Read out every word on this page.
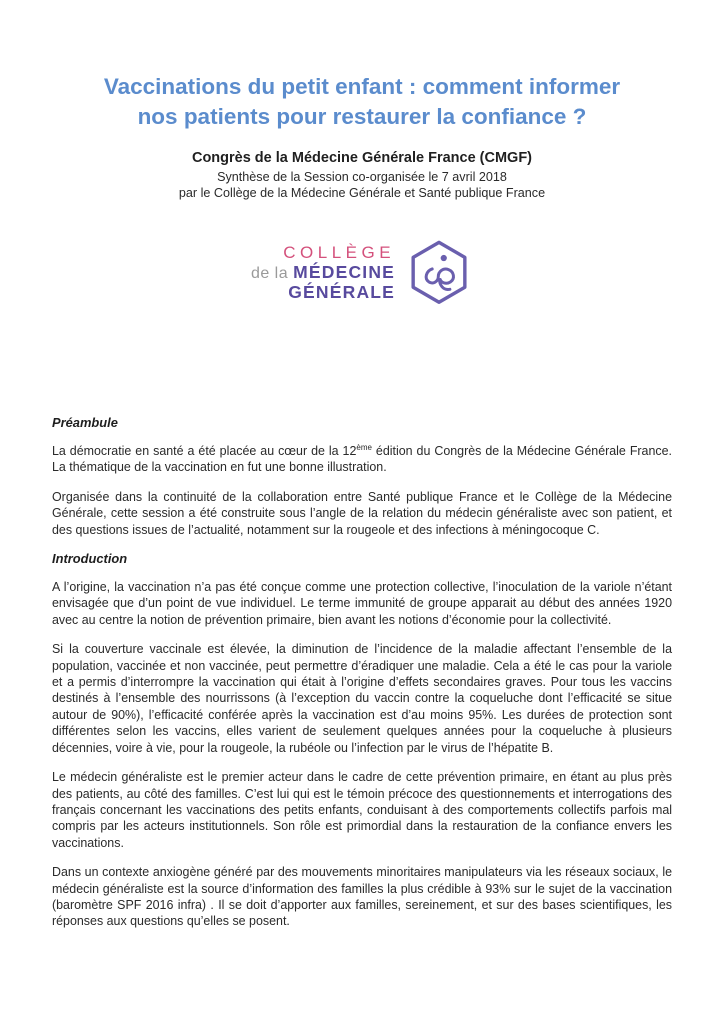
Vaccinations du petit enfant : comment informer
nos patients pour restaurer la confiance ?

Congrès de la Médecine Générale France (CMGF)

Synthèse de la Session co-organisée le 7 avril 2018

par le Collège de la Médecine Générale et Santé publique France

COLLÈGE
de la MÉDECINE
GÉNÉRALE
Préambule

La démocratie en santé a été placée au cœur de la 12ème édition du Congrès de la Médecine Générale France. La thématique de la vaccination en fut une bonne illustration.

Organisée dans la continuité de la collaboration entre Santé publique France et le Collège de la Médecine Générale, cette session a été construite sous l’angle de la relation du médecin généraliste avec son patient, et des questions issues de l’actualité, notamment sur la rougeole et des infections à méningocoque C.

Introduction

A l’origine, la vaccination n’a pas été conçue comme une protection collective, l’inoculation de la variole n’étant envisagée que d’un point de vue individuel. Le terme immunité de groupe apparait au début des années 1920 avec au centre la notion de prévention primaire, bien avant les notions d’économie pour la collectivité.

Si la couverture vaccinale est élevée, la diminution de l’incidence de la maladie affectant l’ensemble de la population, vaccinée et non vaccinée, peut permettre d’éradiquer une maladie. Cela a été le cas pour la variole et a permis d’interrompre la vaccination qui était à l’origine d’effets secondaires graves. Pour tous les vaccins destinés à l’ensemble des nourrissons (à l’exception du vaccin contre la coqueluche dont l’efficacité se situe autour de 90%), l’efficacité conférée après la vaccination est d’au moins 95%. Les durées de protection sont différentes selon les vaccins, elles varient de seulement quelques années pour la coqueluche à plusieurs décennies, voire à vie, pour la rougeole, la rubéole ou l’infection par le virus de l’hépatite B.

Le médecin généraliste est le premier acteur dans le cadre de cette prévention primaire, en étant au plus près des patients, au côté des familles. C’est lui qui est le témoin précoce des questionnements et interrogations des français concernant les vaccinations des petits enfants, conduisant à des comportements collectifs parfois mal compris par les acteurs institutionnels. Son rôle est primordial dans la restauration de la confiance envers les vaccinations.

Dans un contexte anxiogène généré par des mouvements minoritaires manipulateurs via les réseaux sociaux, le médecin généraliste est la source d’information des familles la plus crédible à 93% sur le sujet de la vaccination (baromètre SPF 2016 infra) . Il se doit d’apporter aux familles, sereinement, et sur des bases scientifiques, les réponses aux questions qu’elles se posent.
